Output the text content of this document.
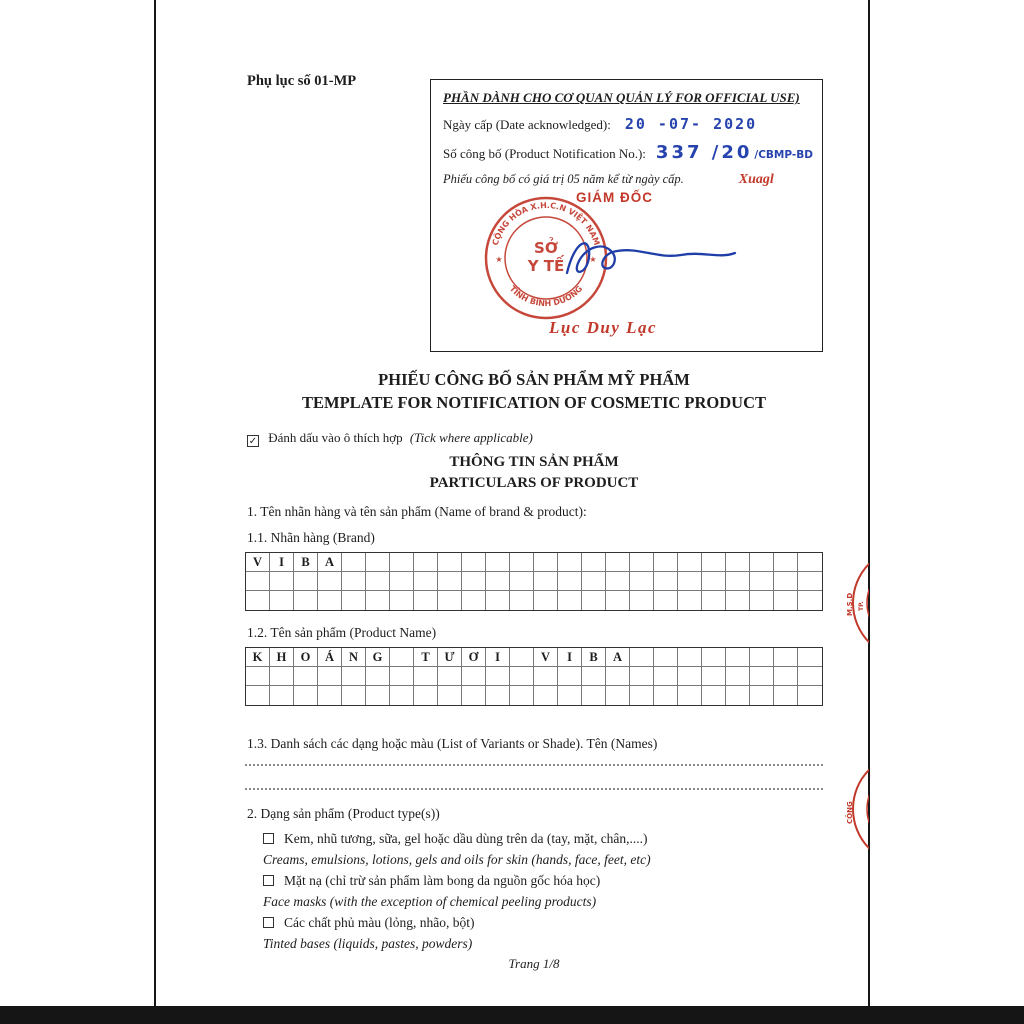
Phụ lục số 01-MP
PHẦN DÀNH CHO CƠ QUAN QUẢN LÝ FOR OFFICIAL USE)
Ngày cấp (Date acknowledged): 20 -07- 2020
Số công bố (Product Notification No.): 337 /20 /CBMP-BD
Phiếu công bố có giá trị 05 năm kể từ ngày cấp.	Xuagl
GIÁM ĐỐC
CỘNG HÒA X.H.C.N VIỆT NAM
TỈNH BÌNH DƯƠNG
★	★
SỞ
Y TẾ
Lục Duy Lạc
PHIẾU CÔNG BỐ SẢN PHẨM MỸ PHẨM
TEMPLATE FOR NOTIFICATION OF COSMETIC PRODUCT
✓ Đánh dấu vào ô thích hợp (Tick where applicable)
THÔNG TIN SẢN PHẨM
PARTICULARS OF PRODUCT
1. Tên nhãn hàng và tên sản phẩm (Name of brand & product):
1.1. Nhãn hàng (Brand)
V	I	B	A
1.2. Tên sản phẩm (Product Name)
K	H	O	Á	N	G	T	Ư	Ơ	I	V	I	B	A
1.3. Danh sách các dạng hoặc màu (List of Variants or Shade). Tên (Names)
2. Dạng sản phẩm (Product type(s))
Kem, nhũ tương, sữa, gel hoặc dầu dùng trên da (tay, mặt, chân,....)
Creams, emulsions, lotions, gels and oils for skin (hands, face, feet, etc)
Mặt nạ (chỉ trừ sản phẩm làm bong da nguồn gốc hóa học)
Face masks (with the exception of chemical peeling products)
Các chất phủ màu (lỏng, nhão, bột)
Tinted bases (liquids, pastes, powders)
Trang 1/8
M.S.D TP.
CÔNG
